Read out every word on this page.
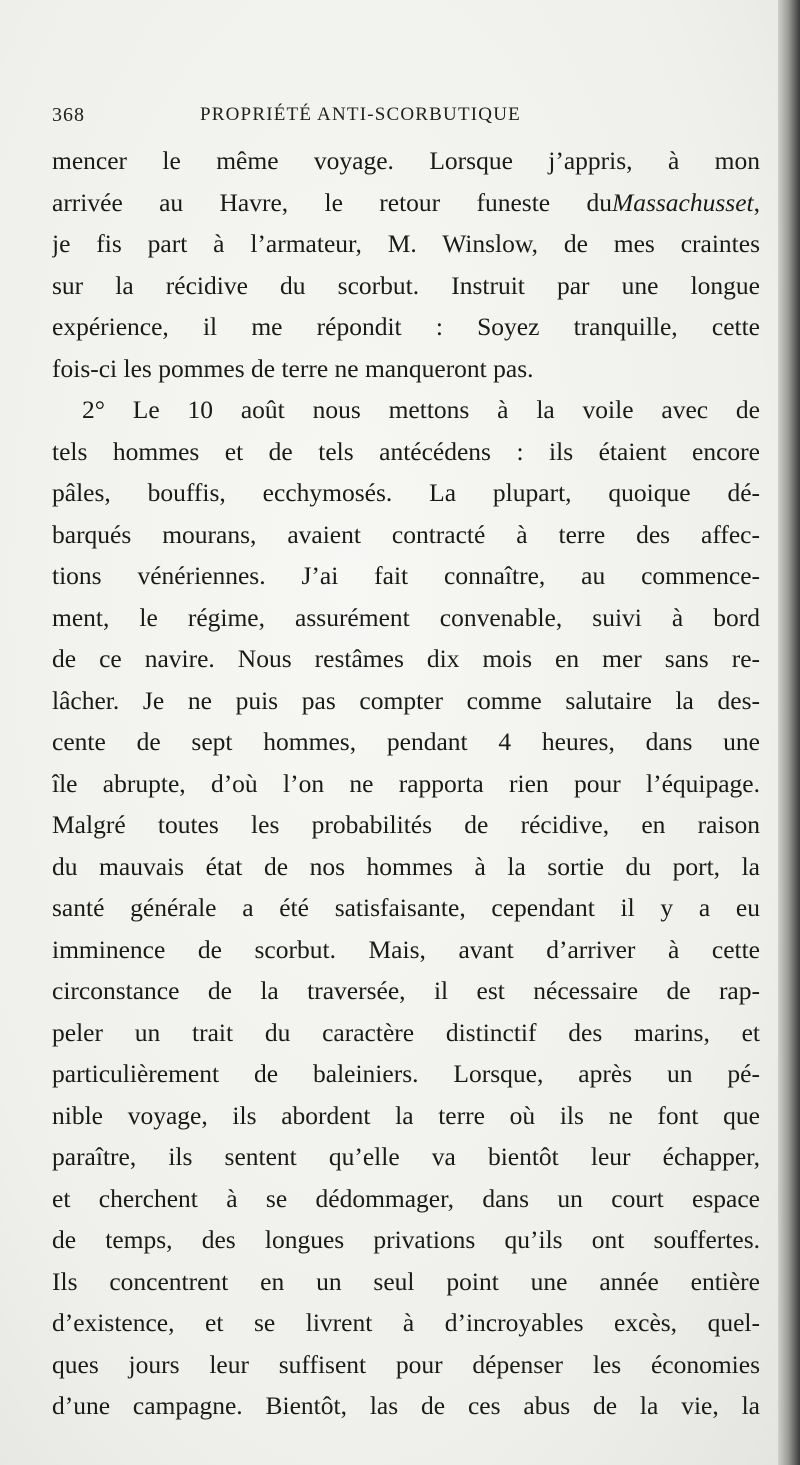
368	PROPRIÉTÉ ANTI-SCORBUTIQUE
mencer le même voyage. Lorsque j’appris, à mon
arrivée au Havre, le retour funeste duMassachusset,
je fis part à l’armateur, M. Winslow, de mes craintes
sur la récidive du scorbut. Instruit par une longue
expérience, il me répondit : Soyez tranquille, cette
fois-ci les pommes de terre ne manqueront pas.
2° Le 10 août nous mettons à la voile avec de
tels hommes et de tels antécédens : ils étaient encore
pâles, bouffis, ecchymosés. La plupart, quoique dé-
barqués mourans, avaient contracté à terre des affec-
tions vénériennes. J’ai fait connaître, au commence-
ment, le régime, assurément convenable, suivi à bord
de ce navire. Nous restâmes dix mois en mer sans re-
lâcher. Je ne puis pas compter comme salutaire la des-
cente de sept hommes, pendant 4 heures, dans une
île abrupte, d’où l’on ne rapporta rien pour l’équipage.
Malgré toutes les probabilités de récidive, en raison
du mauvais état de nos hommes à la sortie du port, la
santé générale a été satisfaisante, cependant il y a eu
imminence de scorbut. Mais, avant d’arriver à cette
circonstance de la traversée, il est nécessaire de rap-
peler un trait du caractère distinctif des marins, et
particulièrement de baleiniers. Lorsque, après un pé-
nible voyage, ils abordent la terre où ils ne font que
paraître, ils sentent qu’elle va bientôt leur échapper,
et cherchent à se dédommager, dans un court espace
de temps, des longues privations qu’ils ont souffertes.
Ils concentrent en un seul point une année entière
d’existence, et se livrent à d’incroyables excès, quel-
ques jours leur suffisent pour dépenser les économies
d’une campagne. Bientôt, las de ces abus de la vie, la
